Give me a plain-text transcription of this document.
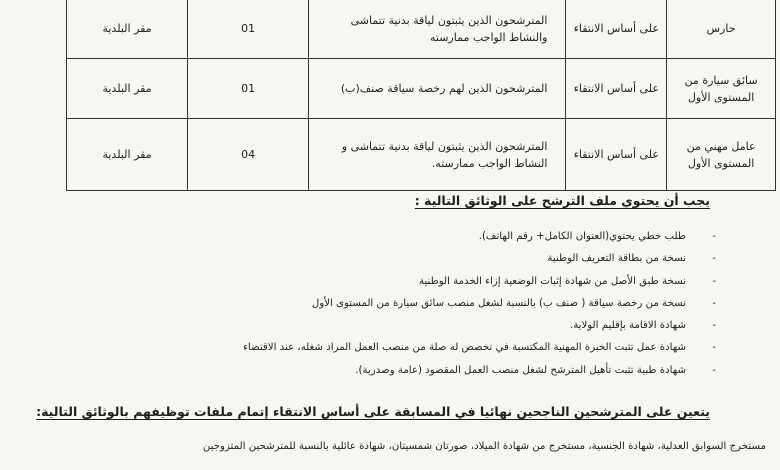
حارس	على أساس الانتقاء	المترشحون الذين يثبتون لياقة بدنية تتماشى والنشاط الواجب ممارسته	01	مقر البلدية
سائق سيارة من المستوى الأول	على أساس الانتقاء	المترشحون الذين لهم رخصة سياقة صنف(ب)	01	مقر البلدية
عامل مهني من المستوى الأول	على أساس الانتقاء	المترشحون الذين يثبتون لياقة بدنية تتماشى و النشاط الواجب ممارسته.	04	مقر البلدية
يجب أن يحتوي ملف الترشح على الوثائق التالية :
-
طلب خطي يحتوي(العنوان الكامل+ رقم الهاتف).
-
نسخة من بطاقة التعريف الوطنية
-
نسخة طبق الأصل من شهادة إثبات الوضعية إزاء الخدمة الوطنية
-
نسخة من رخصة سياقة ( صنف ب) بالنسبة لشغل منصب سائق سيارة من المستوى الأول
-
شهادة الاقامة بإقليم الولاية.
-
شهادة عمل تثبت الخبرة المهنية المكتسبة في تخصص له صلة من منصب العمل المراد شغله، عند الاقتضاء
-
شهادة طبية تثبت تأهيل المترشح لشغل منصب العمل المقصود (عامة وصدرية).
يتعين على المترشحين الناجحين نهائيا في المسابقة على أساس الانتقاء إتمام ملفات توظيفهم بالوثائق التالية:
مستخرج السوابق العدلية، شهادة الجنسية، مستخرج من شهادة الميلاد، صورتان شمسيتان، شهادة عائلية بالنسبة للمترشحين المتزوجين
